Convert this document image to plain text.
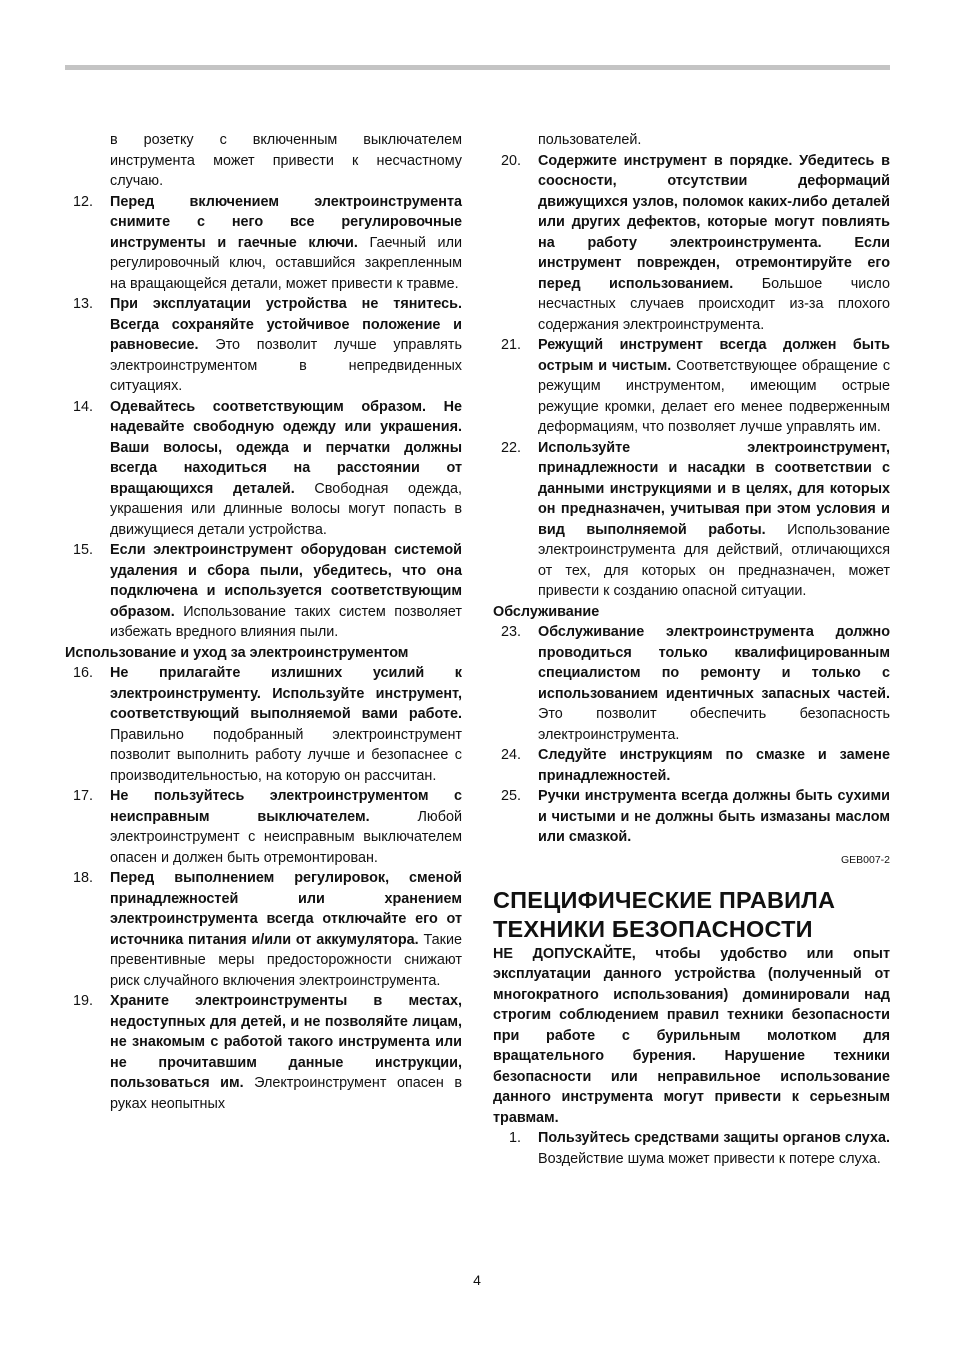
в розетку с включенным выключателем инструмента может привести к несчастному случаю.
12. Перед включением электроинструмента снимите с него все регулировочные инструменты и гаечные ключи. Гаечный или регулировочный ключ, оставшийся закрепленным на вращающейся детали, может привести к травме.
13. При эксплуатации устройства не тянитесь. Всегда сохраняйте устойчивое положение и равновесие. Это позволит лучше управлять электроинструментом в непредвиденных ситуациях.
14. Одевайтесь соответствующим образом. Не надевайте свободную одежду или украшения. Ваши волосы, одежда и перчатки должны всегда находиться на расстоянии от вращающихся деталей. Свободная одежда, украшения или длинные волосы могут попасть в движущиеся детали устройства.
15. Если электроинструмент оборудован системой удаления и сбора пыли, убедитесь, что она подключена и используется соответствующим образом. Использование таких систем позволяет избежать вредного влияния пыли.
Использование и уход за электроинструментом
16. Не прилагайте излишних усилий к электроинструменту. Используйте инструмент, соответствующий выполняемой вами работе. Правильно подобранный электроинструмент позволит выполнить работу лучше и безопаснее с производительностью, на которую он рассчитан.
17. Не пользуйтесь электроинструментом с неисправным выключателем. Любой электроинструмент с неисправным выключателем опасен и должен быть отремонтирован.
18. Перед выполнением регулировок, сменой принадлежностей или хранением электроинструмента всегда отключайте его от источника питания и/или от аккумулятора. Такие превентивные меры предосторожности снижают риск случайного включения электроинструмента.
19. Храните электроинструменты в местах, недоступных для детей, и не позволяйте лицам, не знакомым с работой такого инструмента или не прочитавшим данные инструкции, пользоваться им. Электроинструмент опасен в руках неопытных
пользователей.
20. Содержите инструмент в порядке. Убедитесь в соосности, отсутствии деформаций движущихся узлов, поломок каких-либо деталей или других дефектов, которые могут повлиять на работу электроинструмента. Если инструмент поврежден, отремонтируйте его перед использованием. Большое число несчастных случаев происходит из-за плохого содержания электроинструмента.
21. Режущий инструмент всегда должен быть острым и чистым. Соответствующее обращение с режущим инструментом, имеющим острые режущие кромки, делает его менее подверженным деформациям, что позволяет лучше управлять им.
22. Используйте электроинструмент, принадлежности и насадки в соответствии с данными инструкциями и в целях, для которых он предназначен, учитывая при этом условия и вид выполняемой работы. Использование электроинструмента для действий, отличающихся от тех, для которых он предназначен, может привести к созданию опасной ситуации.
Обслуживание
23. Обслуживание электроинструмента должно проводиться только квалифицированным специалистом по ремонту и только с использованием идентичных запасных частей. Это позволит обеспечить безопасность электроинструмента.
24. Следуйте инструкциям по смазке и замене принадлежностей.
25. Ручки инструмента всегда должны быть сухими и чистыми и не должны быть измазаны маслом или смазкой.
GEB007-2
СПЕЦИФИЧЕСКИЕ ПРАВИЛА ТЕХНИКИ БЕЗОПАСНОСТИ
НЕ ДОПУСКАЙТЕ, чтобы удобство или опыт эксплуатации данного устройства (полученный от многократного использования) доминировали над строгим соблюдением правил техники безопасности при работе с бурильным молотком для вращательного бурения. Нарушение техники безопасности или неправильное использование данного инструмента могут привести к серьезным травмам.
1. Пользуйтесь средствами защиты органов слуха. Воздействие шума может привести к потере слуха.
4
